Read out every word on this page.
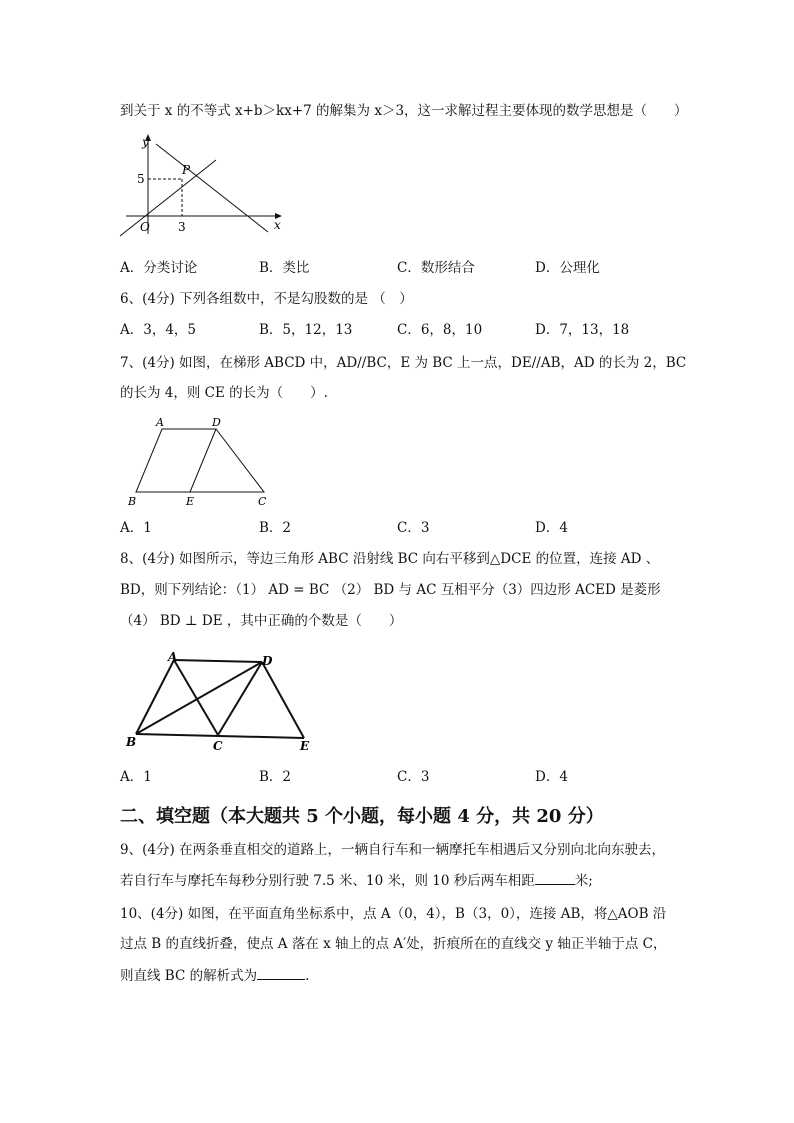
到关于 x 的不等式 x+b＞kx+7 的解集为 x＞3，这一求解过程主要体现的数学思想是（　　）
y
x
P
O
5
3
A．分类讨论	B．类比	C．数形结合	D．公理化
6、(4分) 下列各组数中，不是勾股数的是 （　）
A．3，4，5	B．5，12，13	C．6，8，10	D．7，13，18
7、(4分) 如图，在梯形 ABCD 中，AD//BC，E 为 BC 上一点，DE//AB，AD 的长为 2，BC
的长为 4，则 CE 的长为（　　）.
A	D
B	E	C
A．1	B．2	C．3	D．4
8、(4分) 如图所示，等边三角形 ABC 沿射线 BC 向右平移到△DCE 的位置，连接 AD 、
BD，则下列结论：（1） AD = BC （2） BD 与 AC 互相平分（3）四边形 ACED 是菱形
（4） BD ⊥ DE ，其中正确的个数是（　　）
A	D
B	C	E
A．1	B．2	C．3	D．4
二、填空题（本大题共 5 个小题，每小题 4 分，共 20 分）
9、(4分) 在两条垂直相交的道路上，一辆自行车和一辆摩托车相遇后又分别向北向东驶去，
若自行车与摩托车每秒分别行驶 7.5 米、10 米，则 10 秒后两车相距	米;
10、(4分) 如图，在平面直角坐标系中，点 A（0，4），B（3，0），连接 AB，将△AOB 沿
过点 B 的直线折叠，使点 A 落在 x 轴上的点 A′处，折痕所在的直线交 y 轴正半轴于点 C，
则直线 BC 的解析式为	.
